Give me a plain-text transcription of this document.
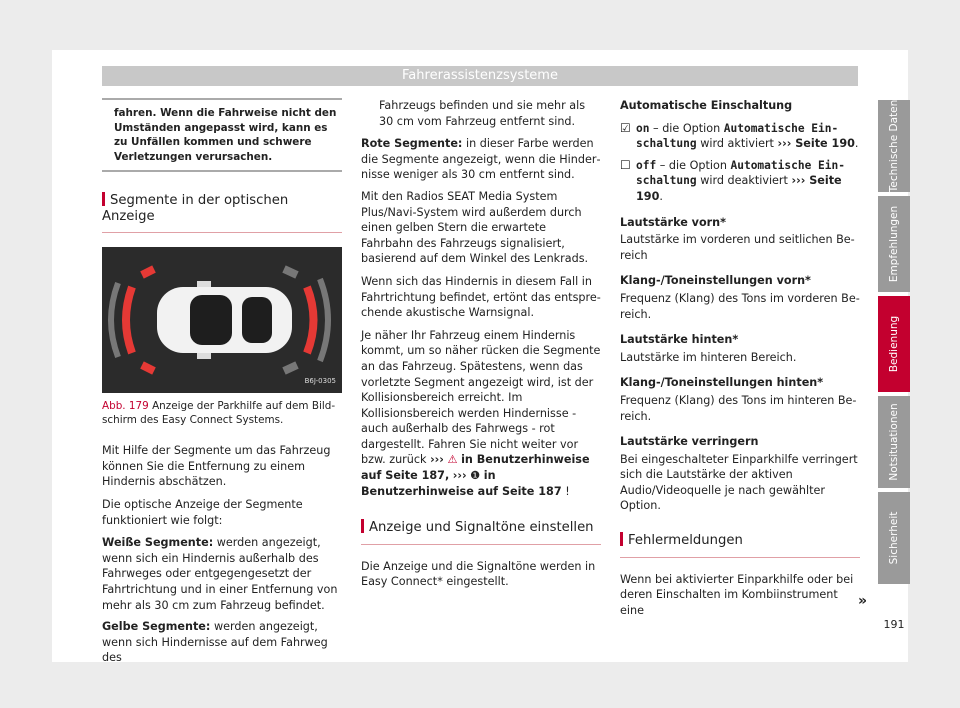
Fahrerassistenzsysteme
fahren. Wenn die Fahrweise nicht den Umständen angepasst wird, kann es zu Unfällen kommen und schwere Verletzungen verursachen.
Segmente in der optischen Anzeige
B6J-0305
Abb. 179 Anzeige der Parkhilfe auf dem Bildschirm des Easy Connect Systems.

Mit Hilfe der Segmente um das Fahrzeug können Sie die Entfernung zu einem Hindernis abschätzen.

Die optische Anzeige der Segmente funktioniert wie folgt:

Weiße Segmente: werden angezeigt, wenn sich ein Hindernis außerhalb des Fahrweges oder entgegengesetzt der Fahrtrichtung und in einer Entfernung von mehr als 30 cm zum Fahrzeug befindet.
Gelbe Segmente: werden angezeigt, wenn sich Hindernisse auf dem Fahrweg des

Fahrzeugs befinden und sie mehr als 30 cm vom Fahrzeug entfernt sind.

Rote Segmente: in dieser Farbe werden die Segmente angezeigt, wenn die Hindernisse weniger als 30 cm entfernt sind.

Mit den Radios SEAT Media System Plus/Navi-System wird außerdem durch einen gelben Stern die erwartete Fahrbahn des Fahrzeugs signalisiert, basierend auf dem Winkel des Lenkrads.

Wenn sich das Hindernis in diesem Fall in Fahrtrichtung befindet, ertönt das entsprechende akustische Warnsignal.

Je näher Ihr Fahrzeug einem Hindernis kommt, um so näher rücken die Segmente an das Fahrzeug. Spätestens, wenn das vorletzte Segment angezeigt wird, ist der Kollisionsbereich erreicht. Im Kollisionsbereich werden Hindernisse - auch außerhalb des Fahrwegs - rot dargestellt. Fahren Sie nicht weiter vor bzw. zurück ››› ⚠ in Benutzerhinweise auf Seite 187, ››› ❶ in Benutzerhinweise auf Seite 187 !

Anzeige und Signaltöne einstellen

Die Anzeige und die Signaltöne werden in Easy Connect* eingestellt.

Automatische Einschaltung

☑ on – die Option Automatische Einschaltung wird aktiviert ››› Seite 190.
☐ off – die Option Automatische Einschaltung wird deaktiviert ››› Seite 190.

Lautstärke vorn*

Lautstärke im vorderen und seitlichen Bereich

Klang-/Toneinstellungen vorn*

Frequenz (Klang) des Tons im vorderen Bereich.

Lautstärke hinten*

Lautstärke im hinteren Bereich.

Klang-/Toneinstellungen hinten*

Frequenz (Klang) des Tons im hinteren Bereich.

Lautstärke verringern

Bei eingeschalteter Einparkhilfe verringert sich die Lautstärke der aktiven Audio/Videoquelle je nach gewählter Option.

Fehlermeldungen

Wenn bei aktivierter Einparkhilfe oder bei deren Einschalten im Kombiinstrument eine

Technische Daten
Empfehlungen
Bedienung
Notsituationen
Sicherheit
»
191
